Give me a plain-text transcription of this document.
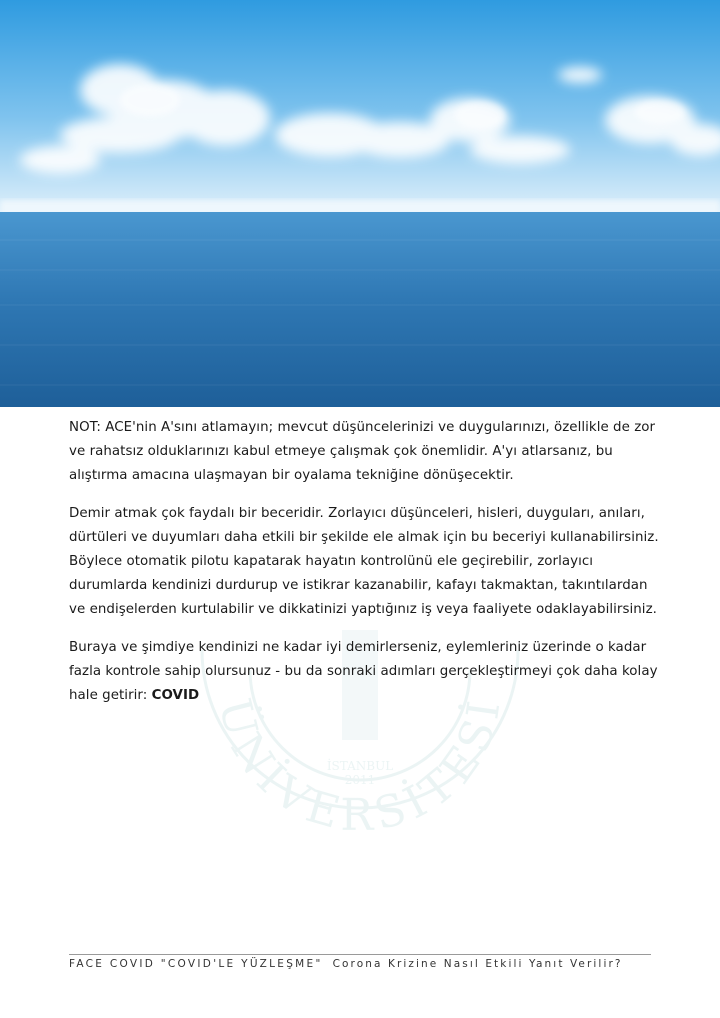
ÜNİVERSİTESİ
İSTANBUL
2011

NOT: ACE'nin A'sını atlamayın; mevcut düşüncelerinizi ve duygularınızı, özellikle de zor ve rahatsız olduklarınızı kabul etmeye çalışmak çok önemlidir. A'yı atlarsanız, bu alıştırma amacına ulaşmayan bir oyalama tekniğine dönüşecektir.

Demir atmak çok faydalı bir beceridir. Zorlayıcı düşünceleri, hisleri, duyguları, anıları, dürtüleri ve duyumları daha etkili bir şekilde ele almak için bu beceriyi kullanabilirsiniz. Böylece otomatik pilotu kapatarak hayatın kontrolünü ele geçirebilir, zorlayıcı durumlarda kendinizi durdurup ve istikrar kazanabilir, kafayı takmaktan, takıntılardan ve endişelerden kurtulabilir ve dikkatinizi yaptığınız iş veya faaliyete odaklayabilirsiniz.

Buraya ve şimdiye kendinizi ne kadar iyi demirlerseniz, eylemleriniz üzerinde o kadar fazla kontrole sahip olursunuz - bu da sonraki adımları gerçekleştirmeyi çok daha kolay hale getirir: COVID

FACE COVID "COVID'LE YÜZLEŞME" Corona Krizine Nasıl Etkili Yanıt Verilir?
